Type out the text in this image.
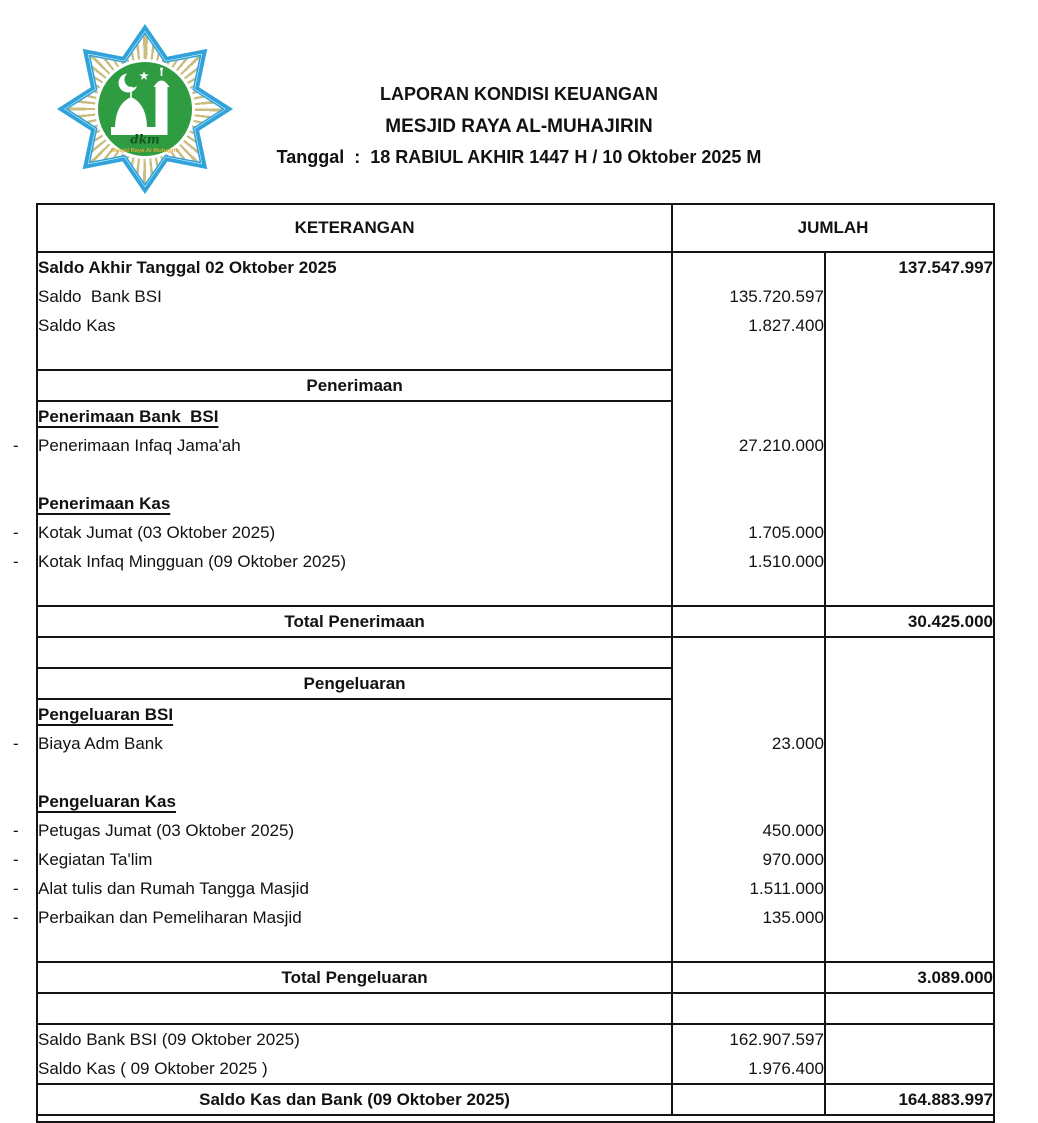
dkm
Masjid Raya Al Muhajirin
LAPORAN KONDISI KEUANGAN
MESJID RAYA AL-MUHAJIRIN
Tanggal  :  18 RABIUL AKHIR 1447 H / 10 Oktober 2025 M
KETERANGAN	JUMLAH	
Saldo Akhir Tanggal 02 Oktober 2025		137.547.997
Saldo  Bank BSI	135.720.597	
Saldo Kas	1.827.400	

Penerimaan		
Penerimaan Bank  BSI		
- Penerimaan Infaq Jama'ah	27.210.000	

Penerimaan Kas		
- Kotak Jumat (03 Oktober 2025)	1.705.000	
- Kotak Infaq Mingguan (09 Oktober 2025)	1.510.000	

Total Penerimaan		30.425.000

Pengeluaran		
Pengeluaran BSI		
- Biaya Adm Bank	23.000	

Pengeluaran Kas		
- Petugas Jumat (03 Oktober 2025)	450.000	
- Kegiatan Ta'lim	970.000	
- Alat tulis dan Rumah Tangga Masjid	1.511.000	
- Perbaikan dan Pemeliharan Masjid	135.000	

Total Pengeluaran		3.089.000

Saldo Bank BSI (09 Oktober 2025)	162.907.597	
Saldo Kas ( 09 Oktober 2025 )	1.976.400	
Saldo Kas dan Bank (09 Oktober 2025)		164.883.997
